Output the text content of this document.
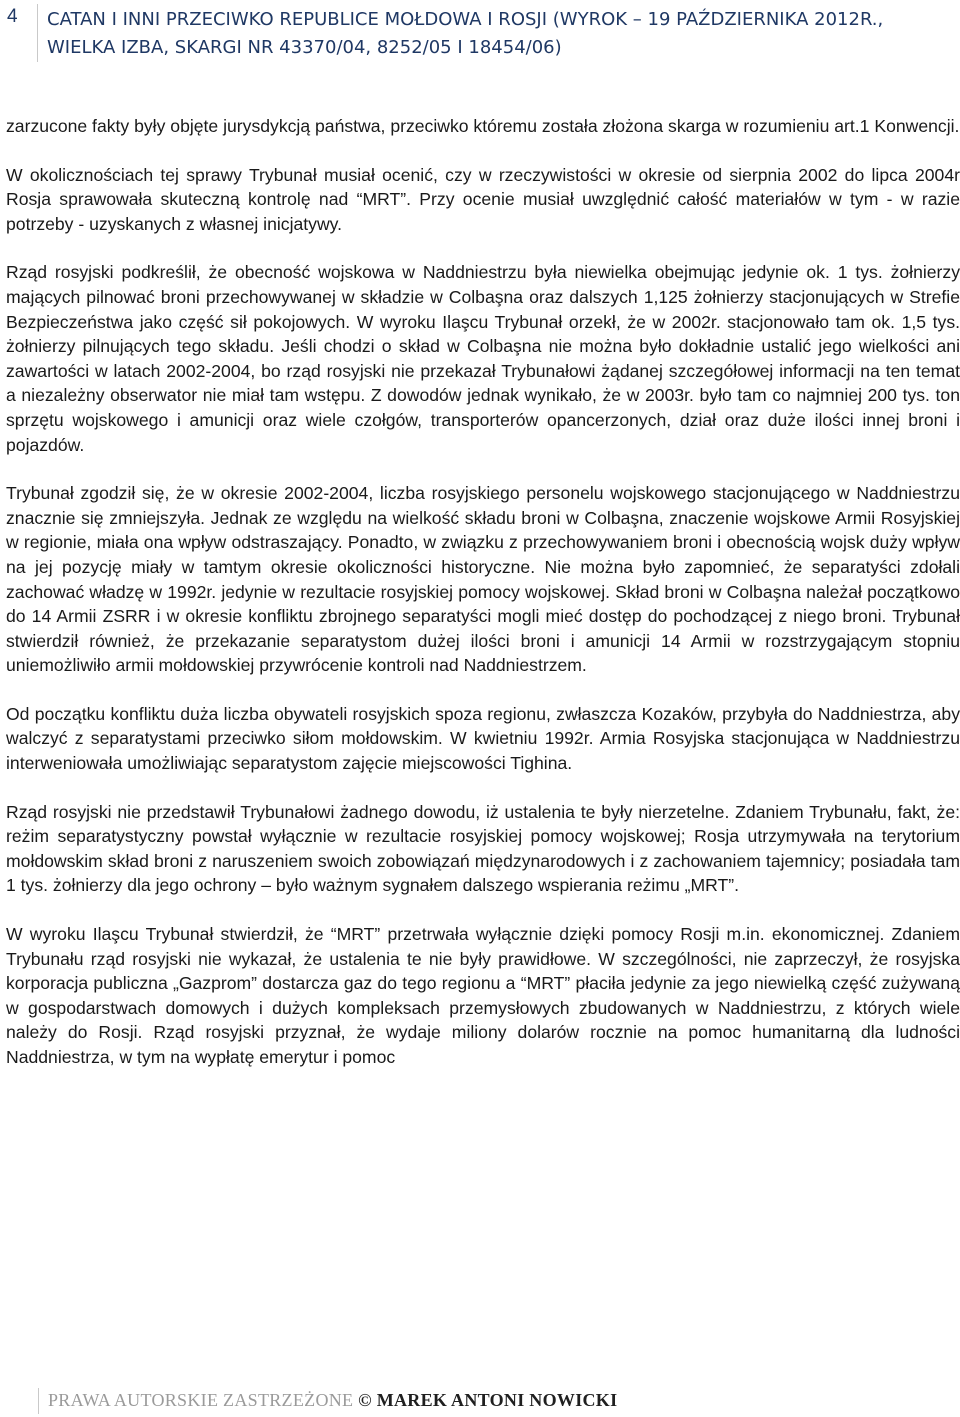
4 CATAN I INNI PRZECIWKO REPUBLICE MOŁDOWA I ROSJI (WYROK – 19 PAŹDZIERNIKA 2012R., WIELKA IZBA, SKARGI NR 43370/04, 8252/05 I 18454/06)

zarzucone fakty były objęte jurysdykcją państwa, przeciwko któremu została złożona skarga w rozumieniu art.1 Konwencji.

W okolicznościach tej sprawy Trybunał musiał ocenić, czy w rzeczywistości w okresie od sierpnia 2002 do lipca 2004r Rosja sprawowała skuteczną kontrolę nad “MRT”. Przy ocenie musiał uwzględnić całość materiałów w tym - w razie potrzeby - uzyskanych z własnej inicjatywy.

Rząd rosyjski podkreślił, że obecność wojskowa w Naddniestrzu była niewielka obejmując jedynie ok. 1 tys. żołnierzy mających pilnować broni przechowywanej w składzie w Colbaşna oraz dalszych 1,125 żołnierzy stacjonujących w Strefie Bezpieczeństwa jako część sił pokojowych. W wyroku Ilaşcu Trybunał orzekł, że w 2002r. stacjonowało tam ok. 1,5 tys. żołnierzy pilnujących tego składu. Jeśli chodzi o skład w Colbaşna nie można było dokładnie ustalić jego wielkości ani zawartości w latach 2002-2004, bo rząd rosyjski nie przekazał Trybunałowi żądanej szczegółowej informacji na ten temat a niezależny obserwator nie miał tam wstępu. Z dowodów jednak wynikało, że w 2003r. było tam co najmniej 200 tys. ton sprzętu wojskowego i amunicji oraz wiele czołgów, transporterów opancerzonych, dział oraz duże ilości innej broni i pojazdów.

Trybunał zgodził się, że w okresie 2002-2004, liczba rosyjskiego personelu wojskowego stacjonującego w Naddniestrzu znacznie się zmniejszyła. Jednak ze względu na wielkość składu broni w Colbaşna, znaczenie wojskowe Armii Rosyjskiej w regionie, miała ona wpływ odstraszający. Ponadto, w związku z przechowywaniem broni i obecnością wojsk duży wpływ na jej pozycję miały w tamtym okresie okoliczności historyczne. Nie można było zapomnieć, że separatyści zdołali zachować władzę w 1992r. jedynie w rezultacie rosyjskiej pomocy wojskowej. Skład broni w Colbaşna należał początkowo do 14 Armii ZSRR i w okresie konfliktu zbrojnego separatyści mogli mieć dostęp do pochodzącej z niego broni. Trybunał stwierdził również, że przekazanie separatystom dużej ilości broni i amunicji 14 Armii w rozstrzygającym stopniu uniemożliwiło armii mołdowskiej przywrócenie kontroli nad Naddniestrzem.

Od początku konfliktu duża liczba obywateli rosyjskich spoza regionu, zwłaszcza Kozaków, przybyła do Naddniestrza, aby walczyć z separatystami przeciwko siłom mołdowskim. W kwietniu 1992r. Armia Rosyjska stacjonująca w Naddniestrzu interweniowała umożliwiając separatystom zajęcie miejscowości Tighina.

Rząd rosyjski nie przedstawił Trybunałowi żadnego dowodu, iż ustalenia te były nierzetelne. Zdaniem Trybunału, fakt, że: reżim separatystyczny powstał wyłącznie w rezultacie rosyjskiej pomocy wojskowej; Rosja utrzymywała na terytorium mołdowskim skład broni z naruszeniem swoich zobowiązań międzynarodowych i z zachowaniem tajemnicy; posiadała tam 1 tys. żołnierzy dla jego ochrony – było ważnym sygnałem dalszego wspierania reżimu „MRT”.

W wyroku Ilaşcu Trybunał stwierdził, że “MRT” przetrwała wyłącznie dzięki pomocy Rosji m.in. ekonomicznej. Zdaniem Trybunału rząd rosyjski nie wykazał, że ustalenia te nie były prawidłowe. W szczególności, nie zaprzeczył, że rosyjska korporacja publiczna „Gazprom” dostarcza gaz do tego regionu a “MRT” płaciła jedynie za jego niewielką część zużywaną w gospodarstwach domowych i dużych kompleksach przemysłowych zbudowanych w Naddniestrzu, z których wiele należy do Rosji. Rząd rosyjski przyznał, że wydaje miliony dolarów rocznie na pomoc humanitarną dla ludności Naddniestrza, w tym na wypłatę emerytur i pomoc

PRAWA AUTORSKIE ZASTRZEŻONE © MAREK ANTONI NOWICKI
